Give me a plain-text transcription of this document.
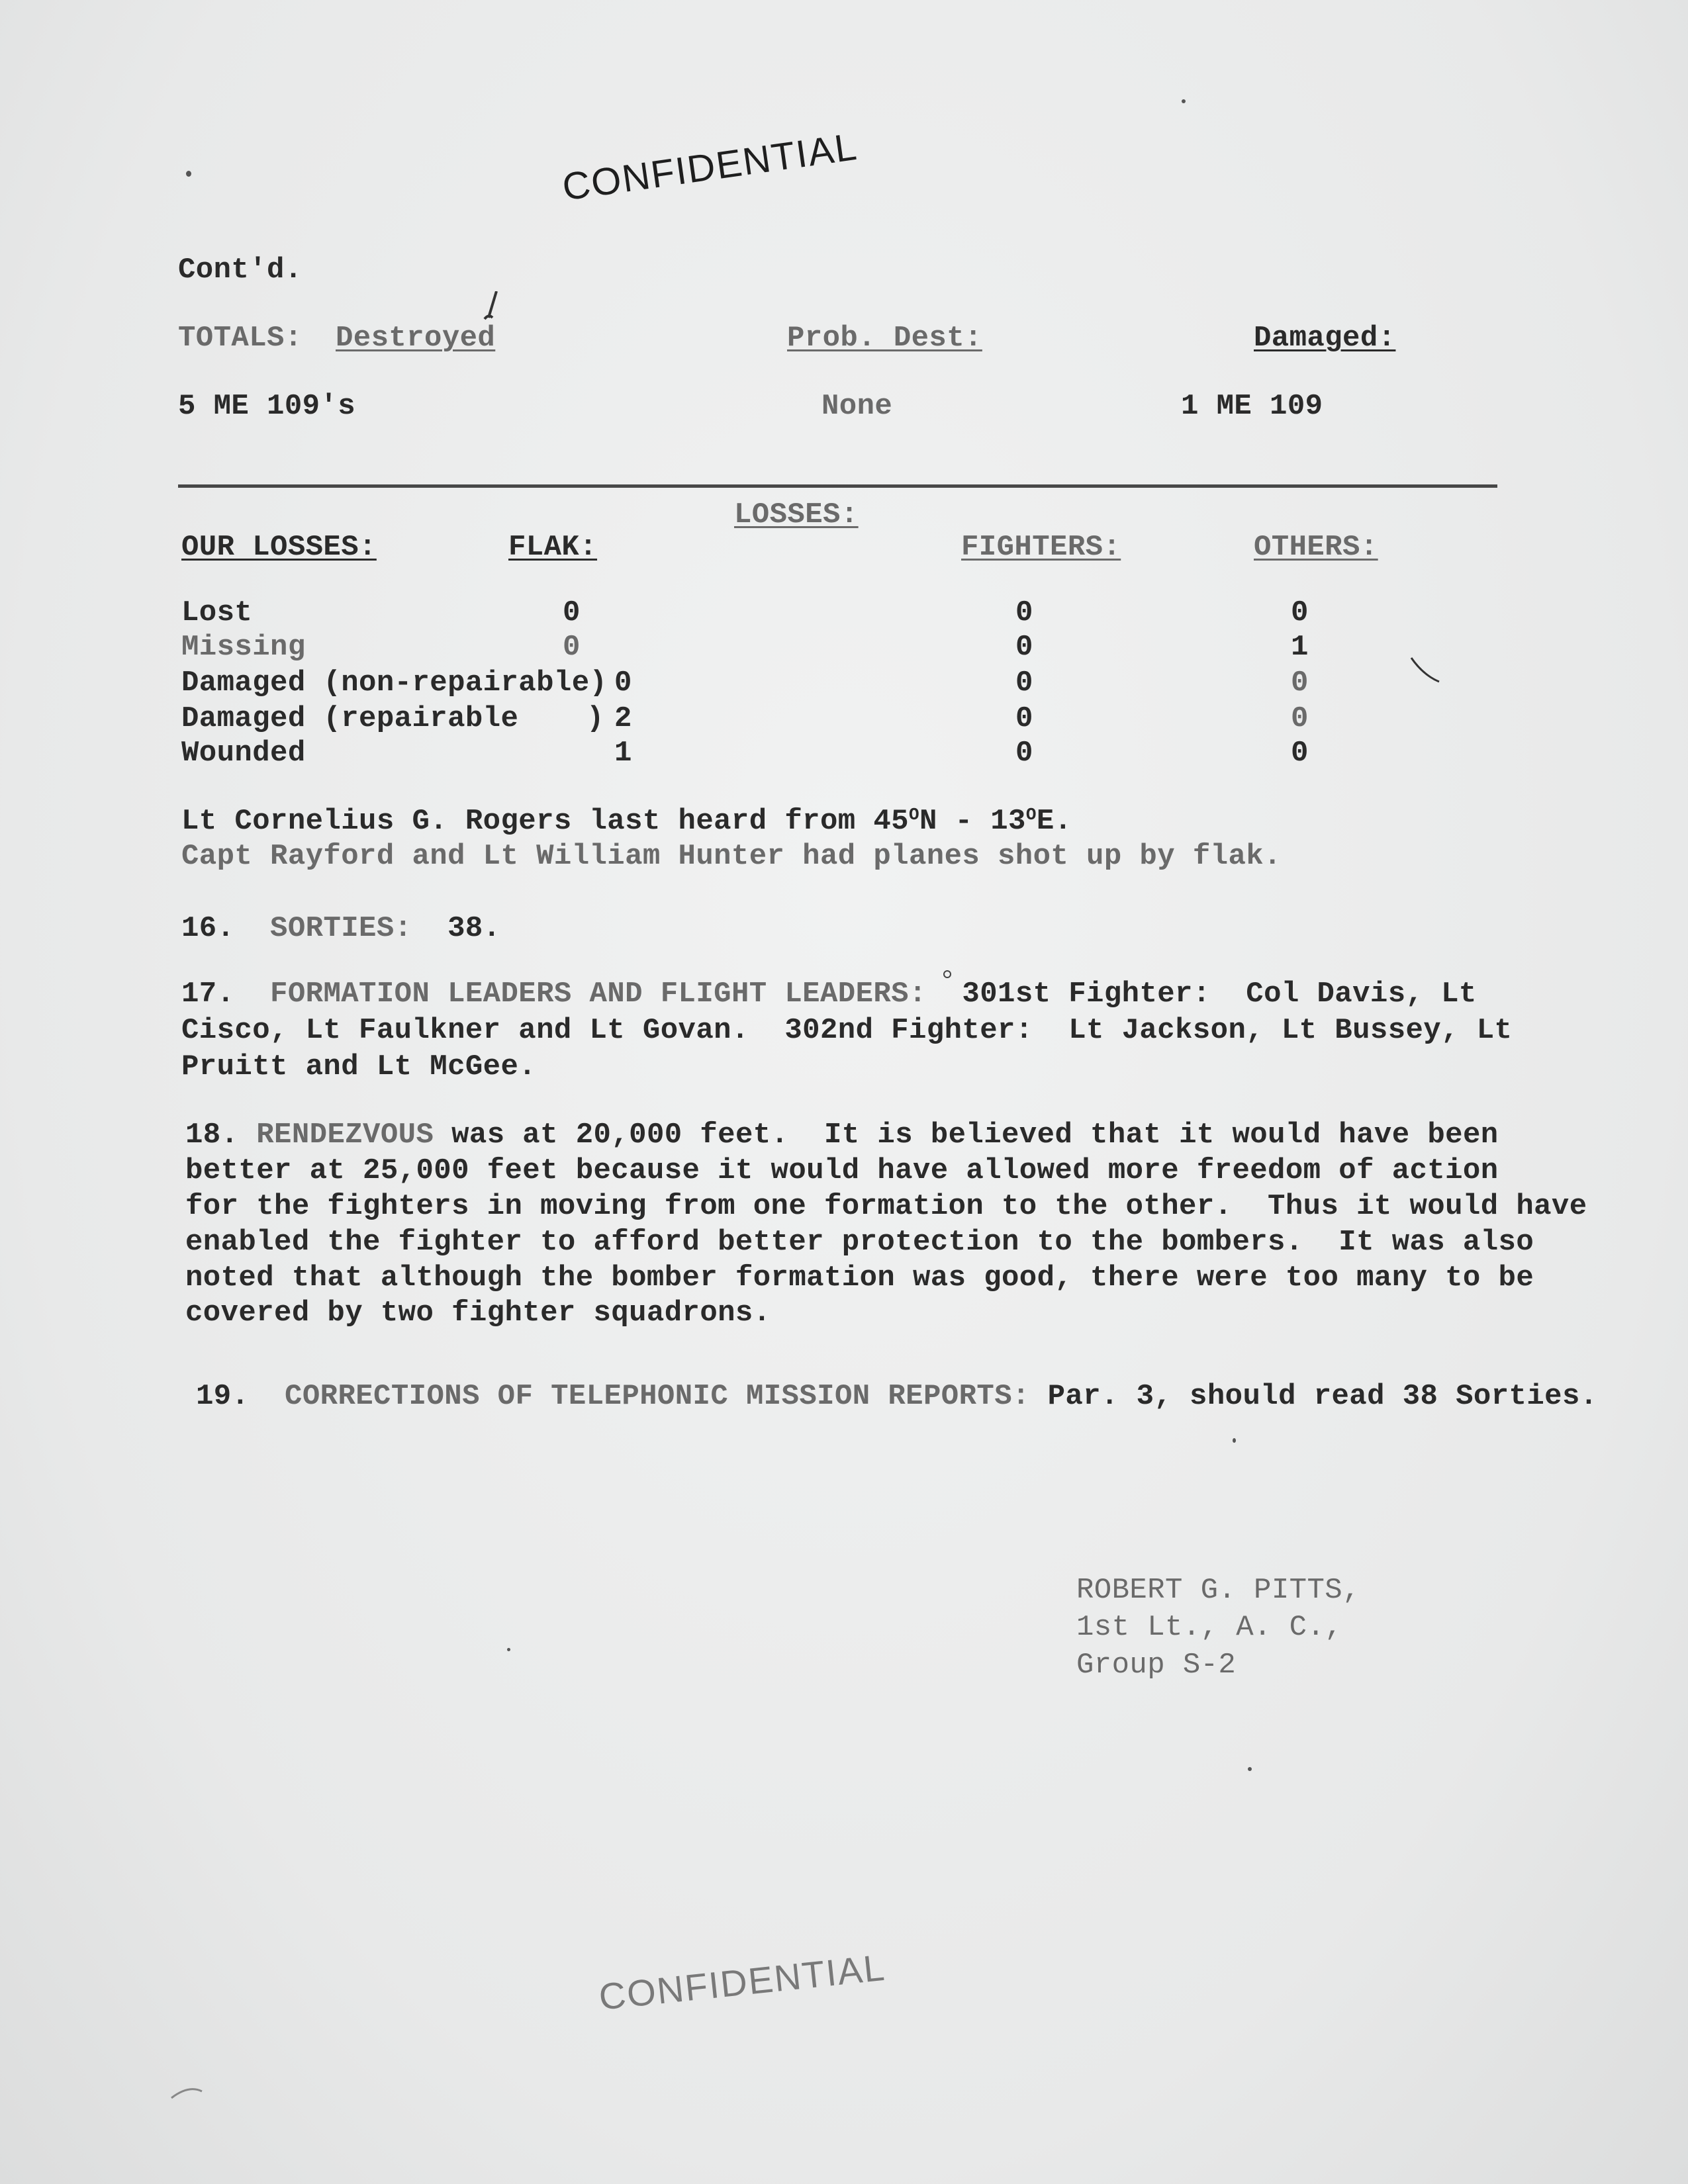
CONFIDENTIAL
Cont'd.
TOTALS: Destroyed	Prob. Dest:	Damaged:
5 ME 109's	None	1 ME 109
LOSSES:
OUR LOSSES:	FLAK:	FIGHTERS:	OTHERS:
Lost	0	0	0
Missing	0	0	1
Damaged (non-repairable) 0	0	0
Damaged (repairable ) 2	0	0
Wounded	1	0	0
Lt Cornelius G. Rogers last heard from $45^ON - 13^OE$.
Capt Rayford and Lt William Hunter had planes shot up by flak.
16. SORTIES: 38.
17. FORMATION LEADERS AND FLIGHT LEADERS: 301st Fighter:  Col Davis, Lt
Cisco, Lt Faulkner and Lt Govan.  302nd Fighter:  Lt Jackson, Lt Bussey, Lt
Pruitt and Lt McGee.
18. RENDEZVOUS was at 20,000 feet.  It is believed that it would have been
better at 25,000 feet because it would have allowed more freedom of action
for the fighters in moving from one formation to the other.  Thus it would have
enabled the fighter to afford better protection to the bombers.  It was also
noted that although the bomber formation was good, there were too many to be
covered by two fighter squadrons.
19. CORRECTIONS OF TELEPHONIC MISSION REPORTS: Par. 3, should read 38 Sorties.
ROBERT G. PITTS,
1st Lt., A. C.,
Group S-2
CONFIDENTIAL
